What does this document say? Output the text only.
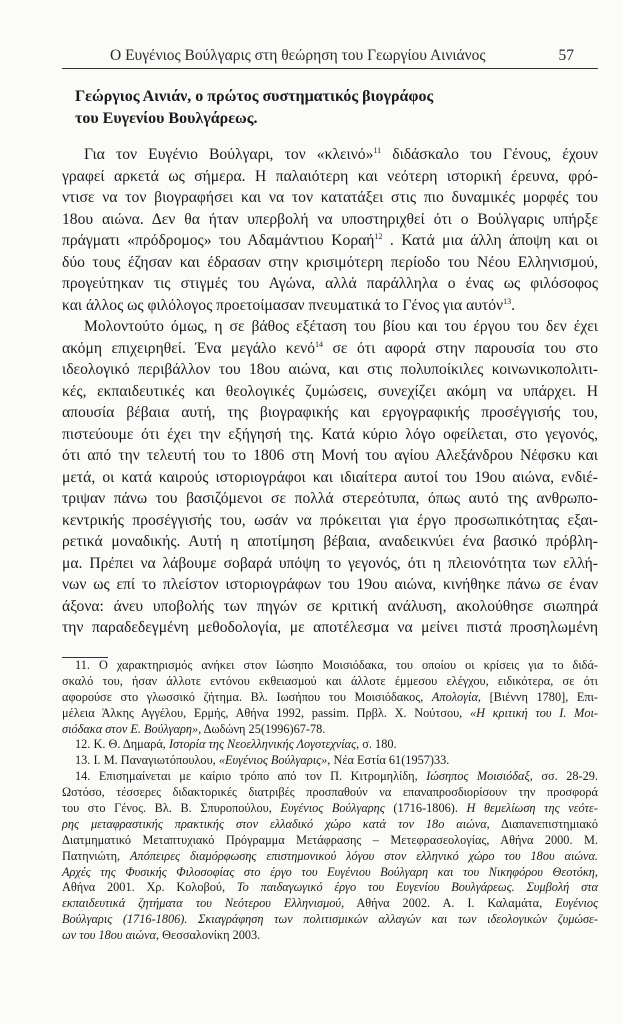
Ο Ευγένιος Βούλγαρις στη θεώρηση του Γεωργίου Αινιάνος	57
Γεώργιος Αινιάν, ο πρώτος συστηματικός βιογράφος
του Ευγενίου Βουλγάρεως.
Για τον Ευγένιο Βούλγαρι, τον «κλεινό»$^{11}$ διδάσκαλο του Γένους, έχουν
γραφεί αρκετά ως σήμερα. Η παλαιότερη και νεότερη ιστορική έρευνα, φρό-
ντισε να τον βιογραφήσει και να τον κατατάξει στις πιο δυναμικές μορφές του
18ου αιώνα. Δεν θα ήταν υπερβολή να υποστηριχθεί ότι ο Βούλγαρις υπήρξε
πράγματι «πρόδρομος» του Αδαμάντιου Κοραή$^{12}$ . Κατά μια άλλη άποψη και οι
δύο τους έζησαν και έδρασαν στην κρισιμότερη περίοδο του Νέου Ελληνισμού,
προγεύτηκαν τις στιγμές του Αγώνα, αλλά παράλληλα ο ένας ως φιλόσοφος
και άλλος ως φιλόλογος προετοίμασαν πνευματικά το Γένος για αυτόν$^{13}$.
Μολοντούτο όμως, η σε βάθος εξέταση του βίου και του έργου του δεν έχει
ακόμη επιχειρηθεί. Ένα μεγάλο κενό$^{14}$ σε ότι αφορά στην παρουσία του στο
ιδεολογικό περιβάλλον του 18ου αιώνα, και στις πολυποίκιλες κοινωνικοπολιτι-
κές, εκπαιδευτικές και θεολογικές ζυμώσεις, συνεχίζει ακόμη να υπάρχει. Η
απουσία βέβαια αυτή, της βιογραφικής και εργογραφικής προσέγγισής του,
πιστεύουμε ότι έχει την εξήγησή της. Κατά κύριο λόγο οφείλεται, στο γεγονός,
ότι από την τελευτή του το 1806 στη Μονή του αγίου Αλεξάνδρου Νέφσκυ και
μετά, οι κατά καιρούς ιστοριογράφοι και ιδιαίτερα αυτοί του 19ου αιώνα, ενδιέ-
τριψαν πάνω του βασιζόμενοι σε πολλά στερεότυπα, όπως αυτό της ανθρωπο-
κεντρικής προσέγγισής του, ωσάν να πρόκειται για έργο προσωπικότητας εξαι-
ρετικά μοναδικής. Αυτή η αποτίμηση βέβαια, αναδεικνύει ένα βασικό πρόβλη-
μα. Πρέπει να λάβουμε σοβαρά υπόψη το γεγονός, ότι η πλειονότητα των ελλή-
νων ως επί το πλείστον ιστοριογράφων του 19ου αιώνα, κινήθηκε πάνω σε έναν
άξονα: άνευ υποβολής των πηγών σε κριτική ανάλυση, ακολούθησε σιωπηρά
την παραδεδεγμένη μεθοδολογία, με αποτέλεσμα να μείνει πιστά προσηλωμένη
11. Ο χαρακτηρισμός ανήκει στον Ιώσηπο Μοισιόδακα, του οποίου οι κρίσεις για το διδά-
σκαλό του, ήσαν άλλοτε εντόνου εκθειασμού και άλλοτε έμμεσου ελέγχου, ειδικότερα, σε ότι
αφορούσε στο γλωσσικό ζήτημα. Βλ. Ιωσήπου του Μοισιόδακος, Απολογία, [Βιέννη 1780], Επι-
μέλεια Άλκης Αγγέλου, Ερμής, Αθήνα 1992, passim. Πρβλ. Χ. Νούτσου, «Η κριτική του Ι. Μοι-
σιόδακα στον Ε. Βούλγαρη», Δωδώνη 25(1996)67-78.
12. Κ. Θ. Δημαρά, Ιστορία της Νεοελληνικής Λογοτεχνίας, σ. 180.
13. Ι. Μ. Παναγιωτόπουλου, «Ευγένιος Βούλγαρις», Νέα Εστία 61(1957)33.
14. Επισημαίνεται με καίριο τρόπο από τον Π. Κιτρομηλίδη, Ιώσηπος Μοισιόδαξ, σσ. 28-29.
Ωστόσο, τέσσερες διδακτορικές διατριβές προσπαθούν να επαναπροσδιορίσουν την προσφορά
του στο Γένος. Βλ. Β. Σπυροπούλου, Ευγένιος Βούλγαρης (1716-1806). Η θεμελίωση της νεότε-
ρης μεταφραστικής πρακτικής στον ελλαδικό χώρο κατά τον 18ο αιώνα, Διαπανεπιστημιακό
Διατμηματικό Μεταπτυχιακό Πρόγραμμα Μετάφρασης – Μετεφρασεολογίας, Αθήνα 2000. Μ.
Πατηνιώτη, Απόπειρες διαμόρφωσης επιστημονικού λόγου στον ελληνικό χώρο του 18ου αιώνα.
Αρχές της Φυσικής Φιλοσοφίας στο έργο του Ευγένιου Βούλγαρη και του Νικηφόρου Θεοτόκη,
Αθήνα 2001. Χρ. Κολοβού, Το παιδαγωγικό έργο του Ευγενίου Βουλγάρεως. Συμβολή στα
εκπαιδευτικά ζητήματα του Νεότερου Ελληνισμού, Αθήνα 2002. Α. Ι. Καλαμάτα, Ευγένιος
Βούλγαρις (1716-1806). Σκιαγράφηση των πολιτισμικών αλλαγών και των ιδεολογικών ζυμώσε-
ων του 18ου αιώνα, Θεσσαλονίκη 2003.
